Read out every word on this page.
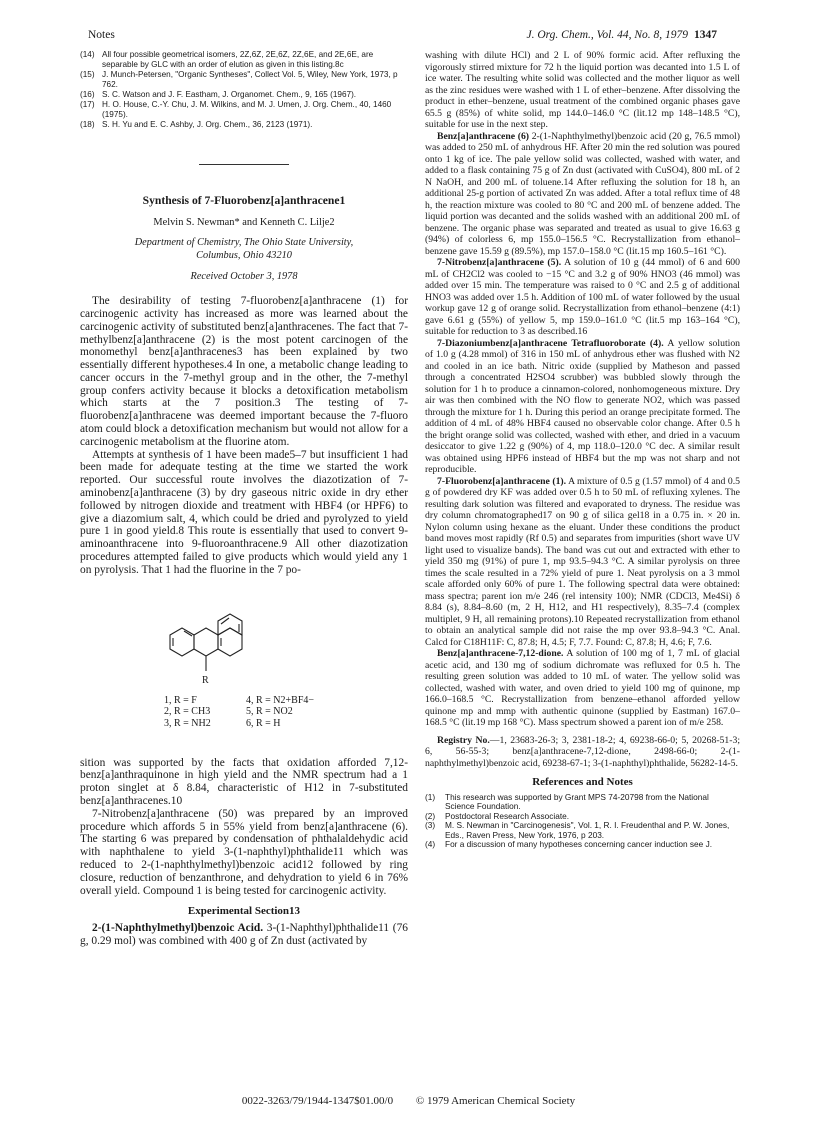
Notes	J. Org. Chem., Vol. 44, No. 8, 1979 1347
(14) All four possible geometrical isomers, 2Z,6Z, 2E,6Z, 2Z,6E, and 2E,6E, are separable by GLC with an order of elution as given in this listing.8c
(15) J. Munch-Petersen, "Organic Syntheses", Collect Vol. 5, Wiley, New York, 1973, p 762.
(16) S. C. Watson and J. F. Eastham, J. Organomet. Chem., 9, 165 (1967).
(17) H. O. House, C.-Y. Chu, J. M. Wilkins, and M. J. Umen, J. Org. Chem., 40, 1460 (1975).
(18) S. H. Yu and E. C. Ashby, J. Org. Chem., 36, 2123 (1971).
Synthesis of 7-Fluorobenz[a]anthracene1
Melvin S. Newman* and Kenneth C. Lilje2
Department of Chemistry, The Ohio State University,
Columbus, Ohio 43210
Received October 3, 1978

The desirability of testing 7-fluorobenz[a]anthracene (1) for carcinogenic activity has increased as more was learned about the carcinogenic activity of substituted benz[a]anthracenes. The fact that 7-methylbenz[a]anthracene (2) is the most potent carcinogen of the monomethyl benz[a]anthracenes3 has been explained by two essentially different hypotheses.4 In one, a metabolic change leading to cancer occurs in the 7-methyl group and in the other, the 7-methyl group confers activity because it blocks a detoxification metabolism which starts at the 7 position.3 The testing of 7-fluorobenz[a]anthracene was deemed important because the 7-fluoro atom could block a detoxification mechanism but would not allow for a carcinogenic metabolism at the fluorine atom.

Attempts at synthesis of 1 have been made5–7 but insufficient 1 had been made for adequate testing at the time we started the work reported. Our successful route involves the diazotization of 7-aminobenz[a]anthracene (3) by dry gaseous nitric oxide in dry ether followed by nitrogen dioxide and treatment with HBF4 (or HPF6) to give a diazomium salt, 4, which could be dried and pyrolyzed to yield pure 1 in good yield.8 This route is essentially that used to convert 9-aminoanthracene into 9-fluoroanthracene.9 All other diazotization procedures attempted failed to give products which would yield any 1 on pyrolysis. That 1 had the fluorine in the 7 po-

R
1, R = F	4, R = N2+BF4−
2, R = CH3	5, R = NO2
3, R = NH2	6, R = H

sition was supported by the facts that oxidation afforded 7,12-benz[a]anthraquinone in high yield and the NMR spectrum had a 1 proton singlet at δ 8.84, characteristic of H12 in 7-substituted benz[a]anthracenes.10

7-Nitrobenz[a]anthracene (50) was prepared by an improved procedure which affords 5 in 55% yield from benz[a]anthracene (6). The starting 6 was prepared by condensation of phthalaldehydic acid with naphthalene to yield 3-(1-naphthyl)phthalide11 which was reduced to 2-(1-naphthylmethyl)benzoic acid12 followed by ring closure, reduction of benzanthrone, and dehydration to yield 6 in 76% overall yield. Compound 1 is being tested for carcinogenic activity.

Experimental Section13

2-(1-Naphthylmethyl)benzoic Acid. 3-(1-Naphthyl)phthalide11 (76 g, 0.29 mol) was combined with 400 g of Zn dust (activated by

washing with dilute HCl) and 2 L of 90% formic acid. After refluxing the vigorously stirred mixture for 72 h the liquid portion was decanted into 1.5 L of ice water. The resulting white solid was collected and the mother liquor as well as the zinc residues were washed with 1 L of ether–benzene. After dissolving the product in ether–benzene, usual treatment of the combined organic phases gave 65.5 g (85%) of white solid, mp 144.0–146.0 °C (lit.12 mp 148–148.5 °C), suitable for use in the next step.

Benz[a]anthracene (6) 2-(1-Naphthylmethyl)benzoic acid (20 g, 76.5 mmol) was added to 250 mL of anhydrous HF. After 20 min the red solution was poured onto 1 kg of ice. The pale yellow solid was collected, washed with water, and added to a flask containing 75 g of Zn dust (activated with CuSO4), 800 mL of 2 N NaOH, and 200 mL of toluene.14 After refluxing the solution for 18 h, an additional 25-g portion of activated Zn was added. After a total reflux time of 48 h, the reaction mixture was cooled to 80 °C and 200 mL of benzene added. The liquid portion was decanted and the solids washed with an additional 200 mL of benzene. The organic phase was separated and treated as usual to give 16.63 g (94%) of colorless 6, mp 155.0–156.5 °C. Recrystallization from ethanol–benzene gave 15.59 g (89.5%), mp 157.0–158.0 °C (lit.15 mp 160.5–161 °C).

7-Nitrobenz[a]anthracene (5). A solution of 10 g (44 mmol) of 6 and 600 mL of CH2Cl2 was cooled to −15 °C and 3.2 g of 90% HNO3 (46 mmol) was added over 15 min. The temperature was raised to 0 °C and 2.5 g of additional HNO3 was added over 1.5 h. Addition of 100 mL of water followed by the usual workup gave 12 g of orange solid. Recrystallization from ethanol–benzene (4:1) gave 6.61 g (55%) of yellow 5, mp 159.0–161.0 °C (lit.5 mp 163–164 °C), suitable for reduction to 3 as described.16

7-Diazoniumbenz[a]anthracene Tetrafluoroborate (4). A yellow solution of 1.0 g (4.28 mmol) of 316 in 150 mL of anhydrous ether was flushed with N2 and cooled in an ice bath. Nitric oxide (supplied by Matheson and passed through a concentrated H2SO4 scrubber) was bubbled slowly through the solution for 1 h to produce a cinnamon-colored, nonhomogeneous mixture. Dry air was then combined with the NO flow to generate NO2, which was passed through the mixture for 1 h. During this period an orange precipitate formed. The addition of 4 mL of 48% HBF4 caused no observable color change. After 0.5 h the bright orange solid was collected, washed with ether, and dried in a vacuum desiccator to give 1.22 g (90%) of 4, mp 118.0–120.0 °C dec. A similar result was obtained using HPF6 instead of HBF4 but the mp was not sharp and not reproducible.

7-Fluorobenz[a]anthracene (1). A mixture of 0.5 g (1.57 mmol) of 4 and 0.5 g of powdered dry KF was added over 0.5 h to 50 mL of refluxing xylenes. The resulting dark solution was filtered and evaporated to dryness. The residue was dry column chromatographed17 on 90 g of silica gel18 in a 0.75 in. × 20 in. Nylon column using hexane as the eluant. Under these conditions the product band moves most rapidly (Rf 0.5) and separates from impurities (short wave UV light used to visualize bands). The band was cut out and extracted with ether to yield 350 mg (91%) of pure 1, mp 93.5–94.3 °C. A similar pyrolysis on three times the scale resulted in a 72% yield of pure 1. Neat pyrolysis on a 3 mmol scale afforded only 60% of pure 1. The following spectral data were obtained: mass spectra; parent ion m/e 246 (rel intensity 100); NMR (CDCl3, Me4Si) δ 8.84 (s), 8.84–8.60 (m, 2 H, H12, and H1 respectively), 8.35–7.4 (complex multiplet, 9 H, all remaining protons).10 Repeated recrystallization from ethanol to obtain an analytical sample did not raise the mp over 93.8–94.3 °C. Anal. Calcd for C18H11F: C, 87.8; H, 4.5; F, 7.7. Found: C, 87.8; H, 4.6; F, 7.6.

Benz[a]anthracene-7,12-dione. A solution of 100 mg of 1, 7 mL of glacial acetic acid, and 130 mg of sodium dichromate was refluxed for 0.5 h. The resulting green solution was added to 10 mL of water. The yellow solid was collected, washed with water, and oven dried to yield 100 mg of quinone, mp 166.0–168.5 °C. Recrystallization from benzene–ethanol afforded yellow quinone mp and mmp with authentic quinone (supplied by Eastman) 167.0–168.5 °C (lit.19 mp 168 °C). Mass spectrum showed a parent ion of m/e 258.

Registry No.—1, 23683-26-3; 3, 2381-18-2; 4, 69238-66-0; 5, 20268-51-3; 6, 56-55-3; benz[a]anthracene-7,12-dione, 2498-66-0; 2-(1-naphthylmethyl)benzoic acid, 69238-67-1; 3-(1-naphthyl)phthalide, 56282-14-5.

References and Notes
(1)	This research was supported by Grant MPS 74-20798 from the National Science Foundation.
(2)	Postdoctoral Research Associate.
(3)	M. S. Newman in "Carcinogenesis", Vol. 1, R. I. Freudenthal and P. W. Jones, Eds., Raven Press, New York, 1976, p 203.
(4)	For a discussion of many hypotheses concerning cancer induction see J.
0022-3263/79/1944-1347$01.00/0 © 1979 American Chemical Society
